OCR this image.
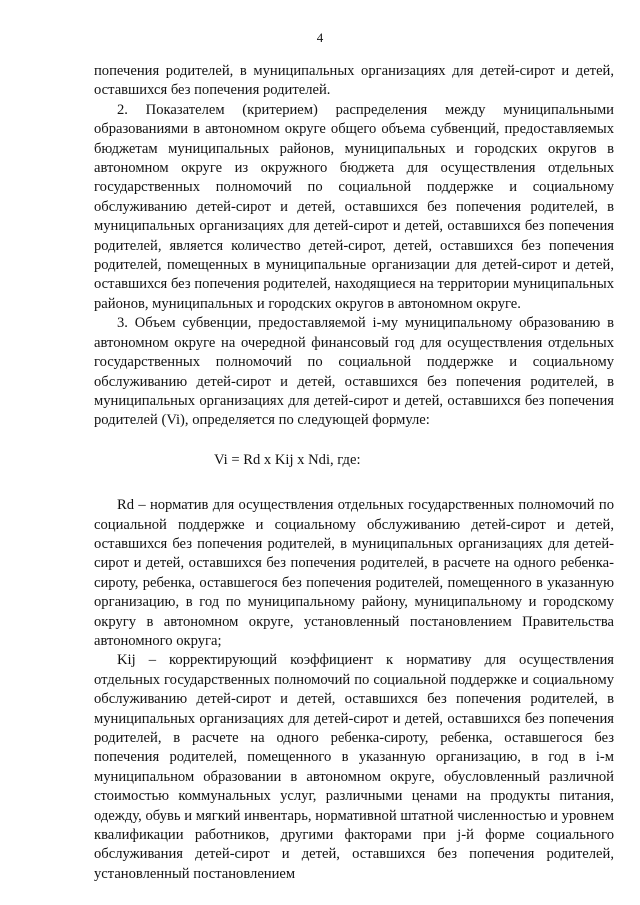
4

попечения родителей, в муниципальных организациях для детей-сирот и детей, оставшихся без попечения родителей.

2. Показателем (критерием) распределения между муниципальными образованиями в автономном округе общего объема субвенций, предоставляемых бюджетам муниципальных районов, муниципальных и городских округов в автономном округе из окружного бюджета для осуществления отдельных государственных полномочий по социальной поддержке и социальному обслуживанию детей-сирот и детей, оставшихся без попечения родителей, в муниципальных организациях для детей-сирот и детей, оставшихся без попечения родителей, является количество детей-сирот, детей, оставшихся без попечения родителей, помещенных в муниципальные организации для детей-сирот и детей, оставшихся без попечения родителей, находящиеся на территории муниципальных районов, муниципальных и городских округов в автономном округе.

3. Объем субвенции, предоставляемой i-му муниципальному образованию в автономном округе на очередной финансовый год для осуществления отдельных государственных полномочий по социальной поддержке и социальному обслуживанию детей-сирот и детей, оставшихся без попечения родителей, в муниципальных организациях для детей-сирот и детей, оставшихся без попечения родителей (Vi), определяется по следующей формуле:

Vi = Rd x Kij x Ndi, где:

Rd – норматив для осуществления отдельных государственных полномочий по социальной поддержке и социальному обслуживанию детей-сирот и детей, оставшихся без попечения родителей, в муниципальных организациях для детей-сирот и детей, оставшихся без попечения родителей, в расчете на одного ребенка-сироту, ребенка, оставшегося без попечения родителей, помещенного в указанную организацию, в год по муниципальному району, муниципальному и городскому округу в автономном округе, установленный постановлением Правительства автономного округа;

Kij – корректирующий коэффициент к нормативу для осуществления отдельных государственных полномочий по социальной поддержке и социальному обслуживанию детей-сирот и детей, оставшихся без попечения родителей, в муниципальных организациях для детей-сирот и детей, оставшихся без попечения родителей, в расчете на одного ребенка-сироту, ребенка, оставшегося без попечения родителей, помещенного в указанную организацию, в год в i-м муниципальном образовании в автономном округе, обусловленный различной стоимостью коммунальных услуг, различными ценами на продукты питания, одежду, обувь и мягкий инвентарь, нормативной штатной численностью и уровнем квалификации работников, другими факторами при j-й форме социального обслуживания детей-сирот и детей, оставшихся без попечения родителей, установленный постановлением
